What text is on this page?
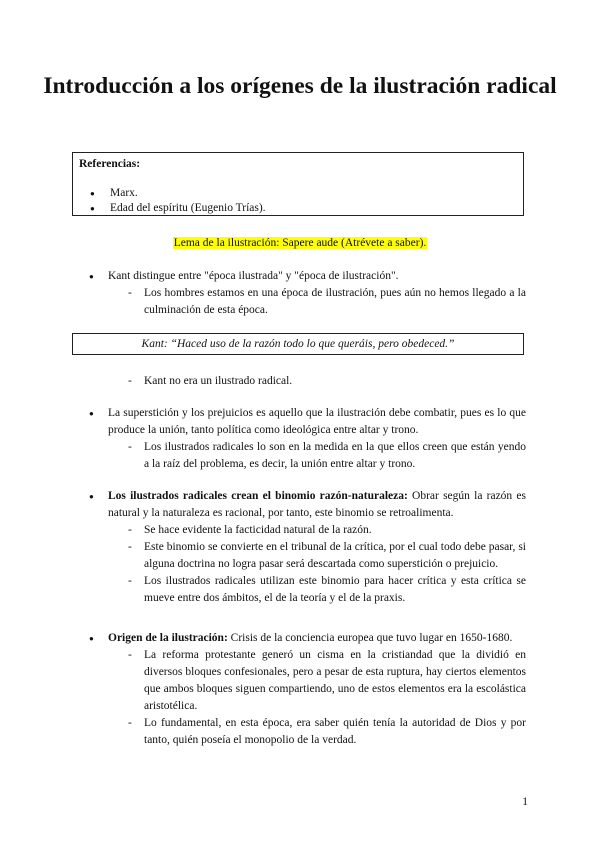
Introducción a los orígenes de la ilustración radical
Referencias:
● Marx.
● Edad del espíritu (Eugenio Trías).
Lema de la ilustración: Sapere aude (Atrévete a saber).
● Kant distingue entre "época ilustrada" y "época de ilustración".
- Los hombres estamos en una época de ilustración, pues aún no hemos llegado a la culminación de esta época.
Kant: “Haced uso de la razón todo lo que queráis, pero obedeced.”
- Kant no era un ilustrado radical.
● La superstición y los prejuicios es aquello que la ilustración debe combatir, pues es lo que produce la unión, tanto política como ideológica entre altar y trono.
- Los ilustrados radicales lo son en la medida en la que ellos creen que están yendo a la raíz del problema, es decir, la unión entre altar y trono.
● Los ilustrados radicales crean el binomio razón-naturaleza: Obrar según la razón es natural y la naturaleza es racional, por tanto, este binomio se retroalimenta.
- Se hace evidente la facticidad natural de la razón.
- Este binomio se convierte en el tribunal de la crítica, por el cual todo debe pasar, si alguna doctrina no logra pasar será descartada como superstición o prejuicio.
- Los ilustrados radicales utilizan este binomio para hacer crítica y esta crítica se mueve entre dos ámbitos, el de la teoría y el de la praxis.
● Origen de la ilustración: Crisis de la conciencia europea que tuvo lugar en 1650-1680.
- La reforma protestante generó un cisma en la cristiandad que la dividió en diversos bloques confesionales, pero a pesar de esta ruptura, hay ciertos elementos que ambos bloques siguen compartiendo, uno de estos elementos era la escolástica aristotélica.
- Lo fundamental, en esta época, era saber quién tenía la autoridad de Dios y por tanto, quién poseía el monopolio de la verdad.
1
